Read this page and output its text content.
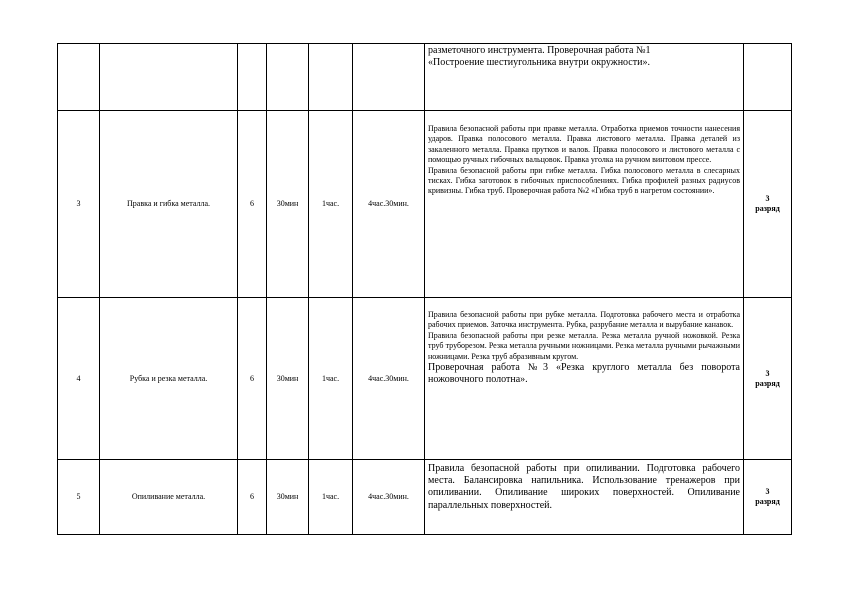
						разметочного инструмента. Проверочная работа №1
«Построение шестиугольника внутри окружности».	

3	Правка и гибка металла.	6	30мин	1час.	4час.30мин.	Правила безопасной работы при правке металла. Отработка приемов точности нанесения ударов. Правка полосового металла. Правка листового металла. Правка деталей из закаленного металла. Правка прутков и валов. Правка полосового и листового металла с помощью ручных гибочных вальцовок. Правка уголка на ручном винтовом прессе.
Правила безопасной работы при гибке металла. Гибка полосового металла в слесарных тисках. Гибка заготовок в гибочных приспособлениях. Гибка профилей разных радиусов кривизны. Гибка труб. Проверочная работа №2 «Гибка труб в нагретом состоянии».	3
разряд

4	Рубка и резка металла.	6	30мин	1час.	4час.30мин.	Правила безопасной работы при рубке металла. Подготовка рабочего места и отработка рабочих приемов. Заточка инструмента. Рубка, разрубание металла и вырубание канавок.
Правила безопасной работы при резке металла. Резка металла ручной ножовкой. Резка труб труборезом. Резка металла ручными ножницами. Резка металла ручными рычажными ножницами. Резка труб абразивным кругом.
Проверочная работа №3 «Резка круглого металла без поворота ножовочного полотна».	3
разряд

5	Опиливание металла.	6	30мин	1час.	4час.30мин.	Правила безопасной работы при опиливании. Подготовка рабочего места. Балансировка напильника. Использование тренажеров при опиливании. Опиливание широких поверхностей. Опиливание параллельных поверхностей.	3
разряд
